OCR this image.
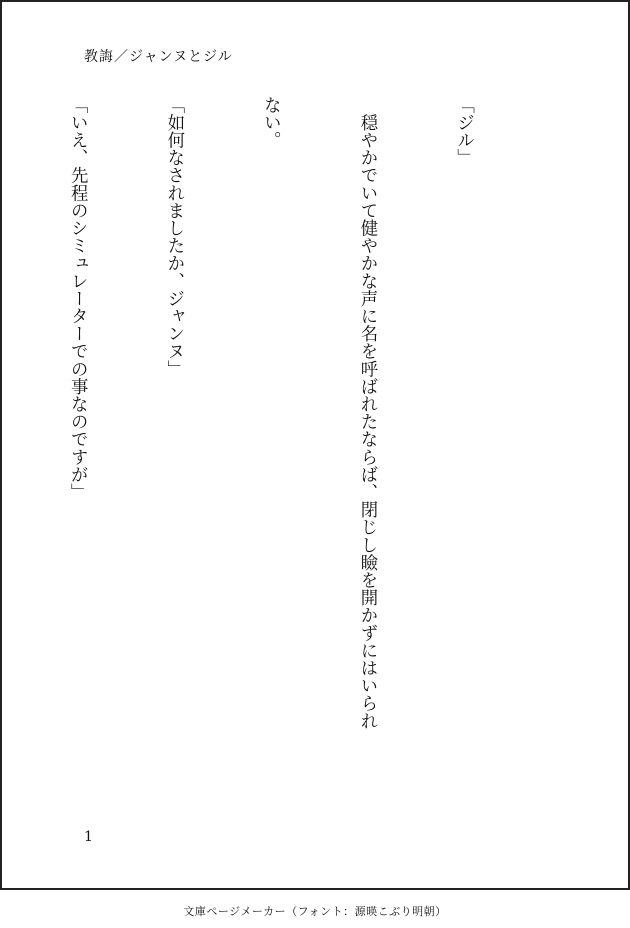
教誨／ジャンヌとジル

「ジル」

　穏やかでいて健やかな声に名を呼ばれたならば、閉じし瞼を開かずにはいられ

ない。

「如何なされましたか、ジャンヌ」

「いえ、先程のシミュレーターでの事なのですが」

1
文庫ページメーカー（フォント：源暎こぶり明朝）
